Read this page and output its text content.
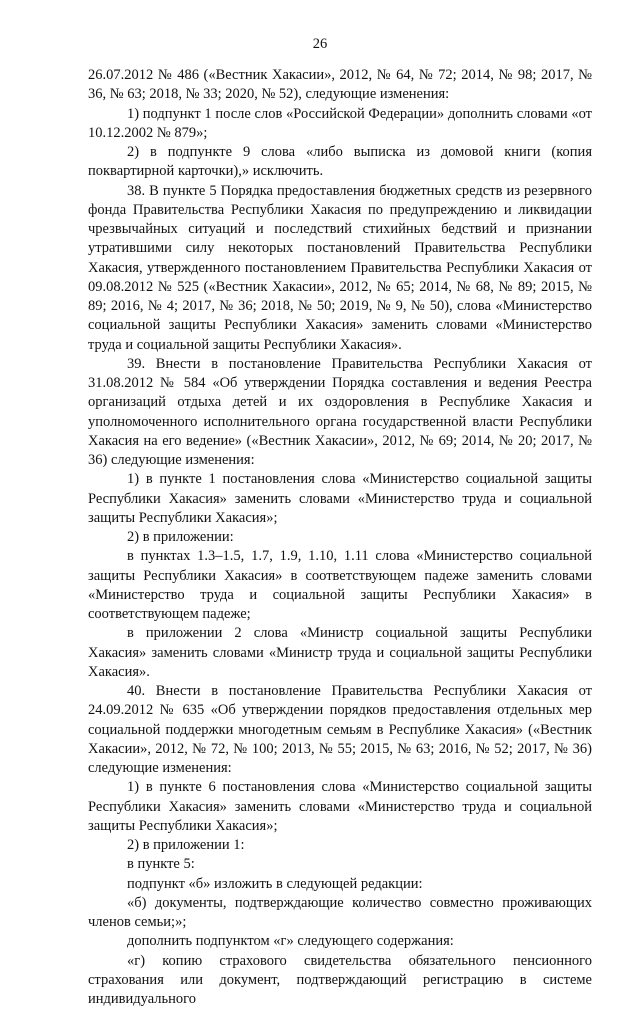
26

26.07.2012 № 486 («Вестник Хакасии», 2012, № 64, № 72; 2014, № 98; 2017, № 36, № 63; 2018, № 33; 2020, № 52), следующие изменения:

1) подпункт 1 после слов «Российской Федерации» дополнить словами «от 10.12.2002 № 879»;

2) в подпункте 9 слова «либо выписка из домовой книги (копия поквартирной карточки),» исключить.

38. В пункте 5 Порядка предоставления бюджетных средств из резервного фонда Правительства Республики Хакасия по предупреждению и ликвидации чрезвычайных ситуаций и последствий стихийных бедствий и признании утратившими силу некоторых постановлений Правительства Республики Хакасия, утвержденного постановлением Правительства Республики Хакасия от 09.08.2012 № 525 («Вестник Хакасии», 2012, № 65; 2014, № 68, № 89; 2015, № 89; 2016, № 4; 2017, № 36; 2018, № 50; 2019, № 9, № 50), слова «Министерство социальной защиты Республики Хакасия» заменить словами «Министерство труда и социальной защиты Республики Хакасия».

39. Внести в постановление Правительства Республики Хакасия от 31.08.2012 № 584 «Об утверждении Порядка составления и ведения Реестра организаций отдыха детей и их оздоровления в Республике Хакасия и уполномоченного исполнительного органа государственной власти Республики Хакасия на его ведение» («Вестник Хакасии», 2012, № 69; 2014, № 20; 2017, № 36) следующие изменения:

1) в пункте 1 постановления слова «Министерство социальной защиты Республики Хакасия» заменить словами «Министерство труда и социальной защиты Республики Хакасия»;

2) в приложении:

в пунктах 1.3–1.5, 1.7, 1.9, 1.10, 1.11 слова «Министерство социальной защиты Республики Хакасия» в соответствующем падеже заменить словами «Министерство труда и социальной защиты Республики Хакасия» в соответствующем падеже;

в приложении 2 слова «Министр социальной защиты Республики Хакасия» заменить словами «Министр труда и социальной защиты Республики Хакасия».

40. Внести в постановление Правительства Республики Хакасия от 24.09.2012 № 635 «Об утверждении порядков предоставления отдельных мер социальной поддержки многодетным семьям в Республике Хакасия» («Вестник Хакасии», 2012, № 72, № 100; 2013, № 55; 2015, № 63; 2016, № 52; 2017, № 36) следующие изменения:

1) в пункте 6 постановления слова «Министерство социальной защиты Республики Хакасия» заменить словами «Министерство труда и социальной защиты Республики Хакасия»;

2) в приложении 1:

в пункте 5:

подпункт «б» изложить в следующей редакции:

«б) документы, подтверждающие количество совместно проживающих членов семьи;»;

дополнить подпунктом «г» следующего содержания:

«г) копию страхового свидетельства обязательного пенсионного страхования или документ, подтверждающий регистрацию в системе индивидуального
